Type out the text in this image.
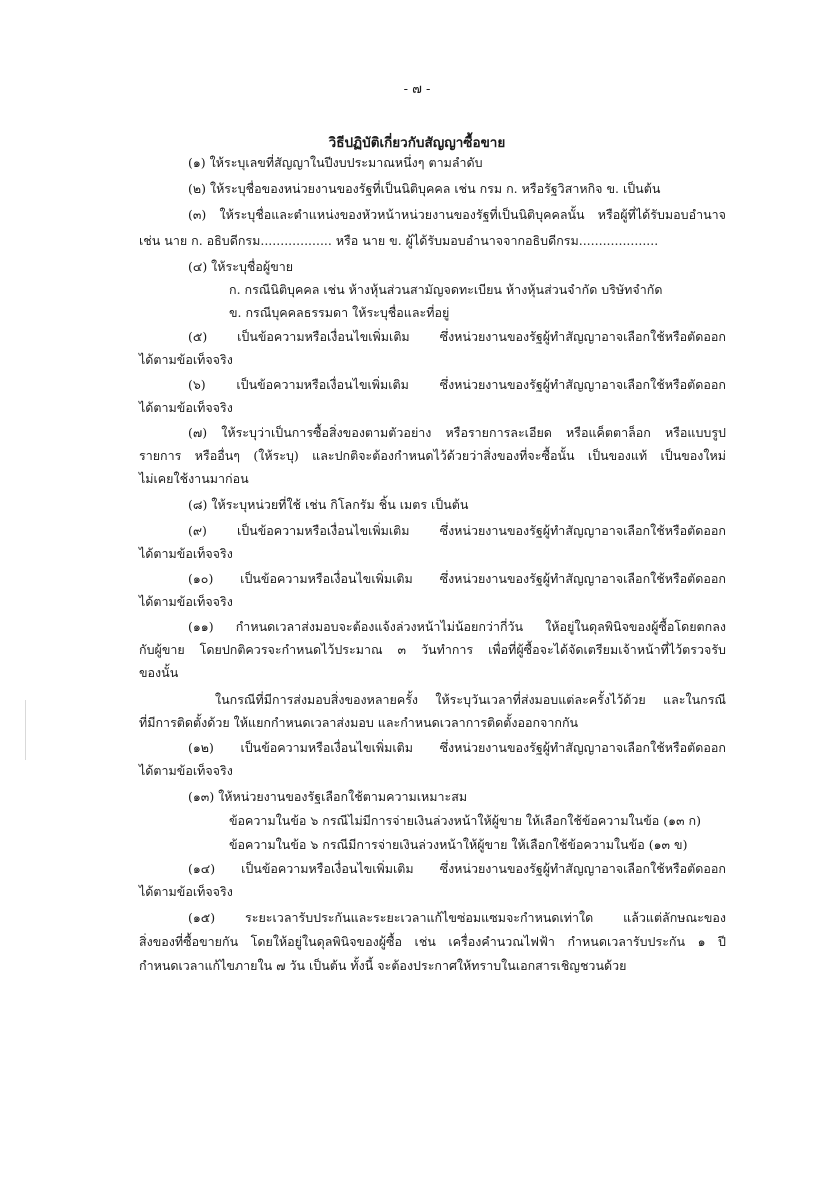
- ๗ -
วิธีปฏิบัติเกี่ยวกับสัญญาซื้อขาย
(๑) ให้ระบุเลขที่สัญญาในปีงบประมาณหนึ่งๆ ตามลำดับ
(๒) ให้ระบุชื่อของหน่วยงานของรัฐที่เป็นนิติบุคคล เช่น กรม ก. หรือรัฐวิสาหกิจ ข. เป็นต้น
(๓) ให้ระบุชื่อและตำแหน่งของหัวหน้าหน่วยงานของรัฐที่เป็นนิติบุคคลนั้น หรือผู้ที่ได้รับมอบอำนาจ
เช่น นาย ก. อธิบดีกรม.................. หรือ นาย ข. ผู้ได้รับมอบอำนาจจากอธิบดีกรม....................
(๔) ให้ระบุชื่อผู้ขาย
ก. กรณีนิติบุคคล เช่น ห้างหุ้นส่วนสามัญจดทะเบียน ห้างหุ้นส่วนจำกัด บริษัทจำกัด
ข. กรณีบุคคลธรรมดา ให้ระบุชื่อและที่อยู่
(๕) เป็นข้อความหรือเงื่อนไขเพิ่มเติม ซึ่งหน่วยงานของรัฐผู้ทำสัญญาอาจเลือกใช้หรือตัดออก
ได้ตามข้อเท็จจริง
(๖) เป็นข้อความหรือเงื่อนไขเพิ่มเติม ซึ่งหน่วยงานของรัฐผู้ทำสัญญาอาจเลือกใช้หรือตัดออก
ได้ตามข้อเท็จจริง
(๗) ให้ระบุว่าเป็นการซื้อสิ่งของตามตัวอย่าง หรือรายการละเอียด หรือแค็ตตาล็อก หรือแบบรูป
รายการ หรืออื่นๆ (ให้ระบุ) และปกติจะต้องกำหนดไว้ด้วยว่าสิ่งของที่จะซื้อนั้น เป็นของแท้ เป็นของใหม่
ไม่เคยใช้งานมาก่อน
(๘) ให้ระบุหน่วยที่ใช้ เช่น กิโลกรัม ชิ้น เมตร เป็นต้น
(๙) เป็นข้อความหรือเงื่อนไขเพิ่มเติม ซึ่งหน่วยงานของรัฐผู้ทำสัญญาอาจเลือกใช้หรือตัดออก
ได้ตามข้อเท็จจริง
(๑๐) เป็นข้อความหรือเงื่อนไขเพิ่มเติม ซึ่งหน่วยงานของรัฐผู้ทำสัญญาอาจเลือกใช้หรือตัดออก
ได้ตามข้อเท็จจริง
(๑๑) กำหนดเวลาส่งมอบจะต้องแจ้งล่วงหน้าไม่น้อยกว่ากี่วัน ให้อยู่ในดุลพินิจของผู้ซื้อโดยตกลง
กับผู้ขาย โดยปกติควรจะกำหนดไว้ประมาณ ๓ วันทำการ เพื่อที่ผู้ซื้อจะได้จัดเตรียมเจ้าหน้าที่ไว้ตรวจรับ
ของนั้น
ในกรณีที่มีการส่งมอบสิ่งของหลายครั้ง ให้ระบุวันเวลาที่ส่งมอบแต่ละครั้งไว้ด้วย และในกรณี
ที่มีการติดตั้งด้วย ให้แยกกำหนดเวลาส่งมอบ และกำหนดเวลาการติดตั้งออกจากกัน
(๑๒) เป็นข้อความหรือเงื่อนไขเพิ่มเติม ซึ่งหน่วยงานของรัฐผู้ทำสัญญาอาจเลือกใช้หรือตัดออก
ได้ตามข้อเท็จจริง
(๑๓) ให้หน่วยงานของรัฐเลือกใช้ตามความเหมาะสม
ข้อความในข้อ ๖ กรณีไม่มีการจ่ายเงินล่วงหน้าให้ผู้ขาย ให้เลือกใช้ข้อความในข้อ (๑๓ ก)
ข้อความในข้อ ๖ กรณีมีการจ่ายเงินล่วงหน้าให้ผู้ขาย ให้เลือกใช้ข้อความในข้อ (๑๓ ข)
(๑๔) เป็นข้อความหรือเงื่อนไขเพิ่มเติม ซึ่งหน่วยงานของรัฐผู้ทำสัญญาอาจเลือกใช้หรือตัดออก
ได้ตามข้อเท็จจริง
(๑๕) ระยะเวลารับประกันและระยะเวลาแก้ไขซ่อมแซมจะกำหนดเท่าใด แล้วแต่ลักษณะของ
สิ่งของที่ซื้อขายกัน โดยให้อยู่ในดุลพินิจของผู้ซื้อ เช่น เครื่องคำนวณไฟฟ้า กำหนดเวลารับประกัน ๑ ปี
กำหนดเวลาแก้ไขภายใน ๗ วัน เป็นต้น ทั้งนี้ จะต้องประกาศให้ทราบในเอกสารเชิญชวนด้วย
